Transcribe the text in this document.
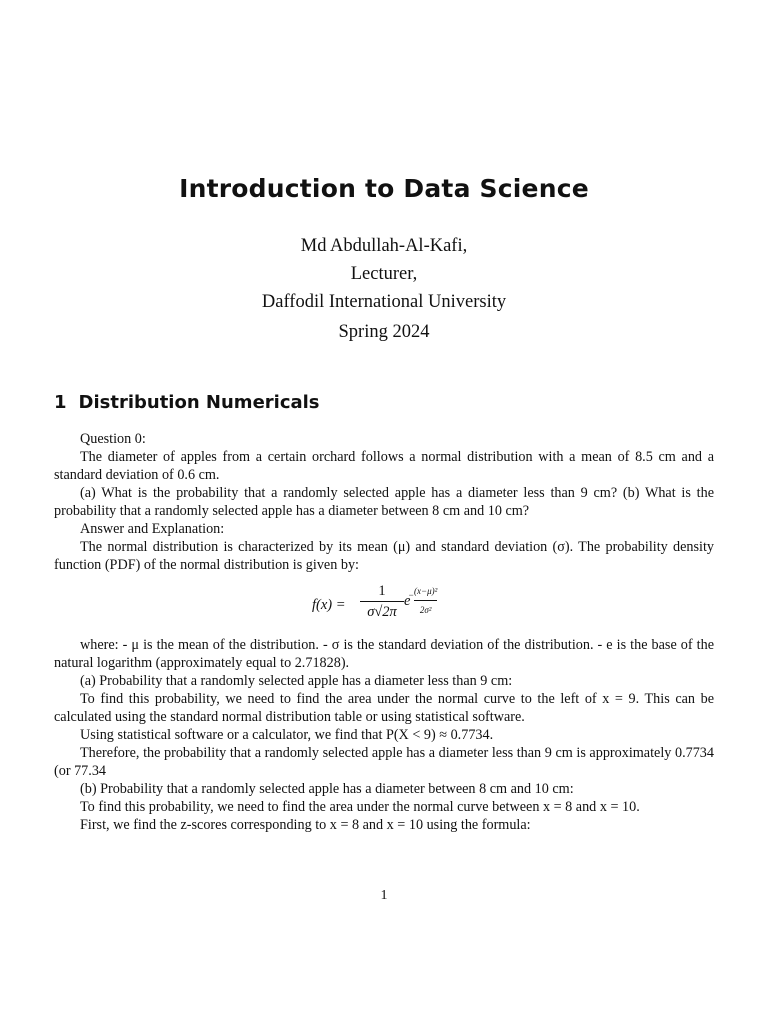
Introduction to Data Science
Md Abdullah-Al-Kafi,
Lecturer,
Daffodil International University
Spring 2024
1 Distribution Numericals

Question 0:

The diameter of apples from a certain orchard follows a normal distribution with a mean of 8.5 cm and a standard deviation of 0.6 cm.

(a) What is the probability that a randomly selected apple has a diameter less than 9 cm? (b) What is the probability that a randomly selected apple has a diameter between 8 cm and 10 cm?

Answer and Explanation:

The normal distribution is characterized by its mean (μ) and standard deviation (σ). The probability density function (PDF) of the normal distribution is given by:

$f(x) = \frac{1}{\sigma√2\pi}$ e
− (x−μ)²
2σ²

where: - μ is the mean of the distribution. - σ is the standard deviation of the distribution. - e is the base of the natural logarithm (approximately equal to 2.71828).

(a) Probability that a randomly selected apple has a diameter less than 9 cm:

To find this probability, we need to find the area under the normal curve to the left of x = 9. This can be calculated using the standard normal distribution table or using statistical software.

Using statistical software or a calculator, we find that P(X < 9) ≈ 0.7734.

Therefore, the probability that a randomly selected apple has a diameter less than 9 cm is approximately 0.7734 (or 77.34

(b) Probability that a randomly selected apple has a diameter between 8 cm and 10 cm:

To find this probability, we need to find the area under the normal curve between x = 8 and x = 10.

First, we find the z-scores corresponding to x = 8 and x = 10 using the formula:

1
